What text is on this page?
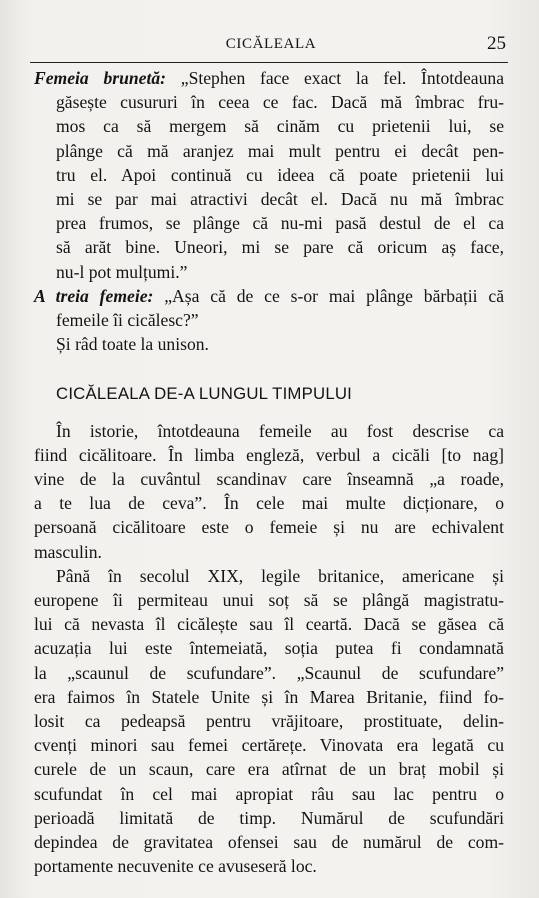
CICĂLEALA	25
Femeia brunetă: „Stephen face exact la fel. Întotdeauna
găsește cusururi în ceea ce fac. Dacă mă îmbrac fru-
mos ca să mergem să cinăm cu prietenii lui, se
plânge că mă aranjez mai mult pentru ei decât pen-
tru el. Apoi continuă cu ideea că poate prietenii lui
mi se par mai atractivi decât el. Dacă nu mă îmbrac
prea frumos, se plânge că nu-mi pasă destul de el ca
să arăt bine. Uneori, mi se pare că oricum aș face,
nu-l pot mulțumi.”
A treia femeie: „Așa că de ce s-or mai plânge bărbații că
femeile îi cicălesc?”
Și râd toate la unison.
CICĂLEALA DE-A LUNGUL TIMPULUI
În istorie, întotdeauna femeile au fost descrise ca
fiind cicălitoare. În limba engleză, verbul a cicăli [to nag]
vine de la cuvântul scandinav care înseamnă „a roade,
a te lua de ceva”. În cele mai multe dicționare, o
persoană cicălitoare este o femeie și nu are echivalent
masculin.
Până în secolul XIX, legile britanice, americane și
europene îi permiteau unui soț să se plângă magistratu-
lui că nevasta îl cicălește sau îl ceartă. Dacă se găsea că
acuzația lui este întemeiată, soția putea fi condamnată
la „scaunul de scufundare”. „Scaunul de scufundare”
era faimos în Statele Unite și în Marea Britanie, fiind fo-
losit ca pedeapsă pentru vrăjitoare, prostituate, delin-
cvenți minori sau femei certărețe. Vinovata era legată cu
curele de un scaun, care era atîrnat de un braț mobil și
scufundat în cel mai apropiat râu sau lac pentru o
perioadă limitată de timp. Numărul de scufundări
depindea de gravitatea ofensei sau de numărul de com-
portamente necuvenite ce avuseseră loc.
